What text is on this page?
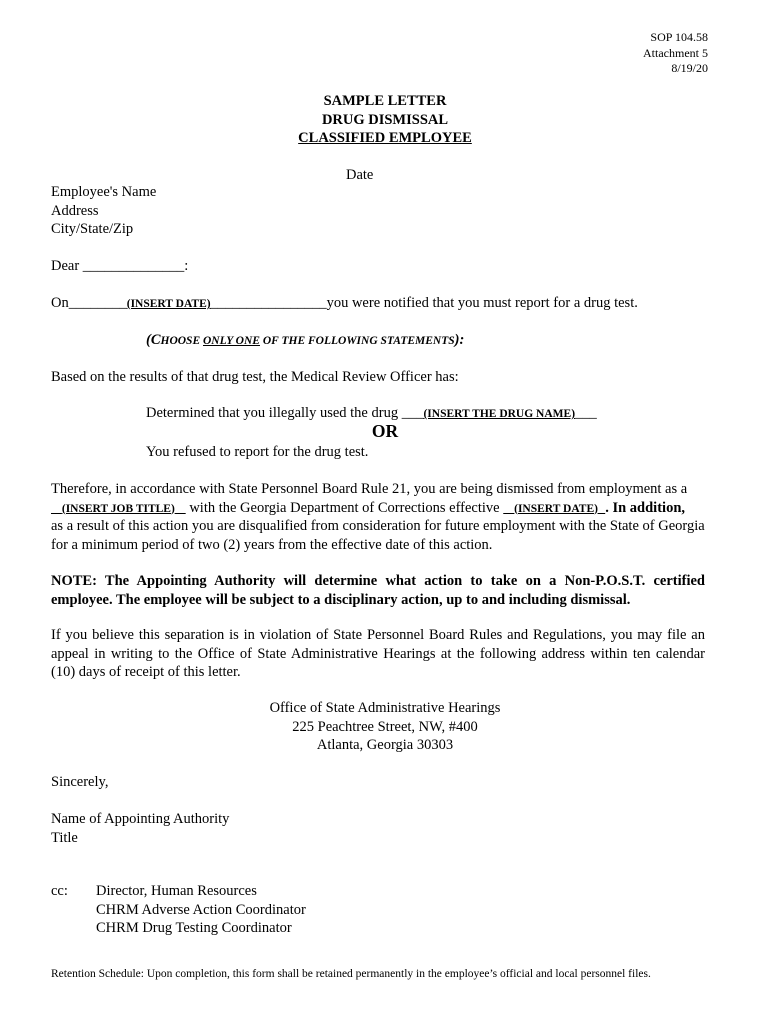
SOP 104.58
Attachment 5
8/19/20
SAMPLE LETTER
DRUG DISMISSAL
CLASSIFIED EMPLOYEE
Date
Employee's Name
Address
City/State/Zip
Dear ______________:
On________(INSERT DATE)________________you were notified that you must report for a drug test.
(CHOOSE ONLY ONE OF THE FOLLOWING STATEMENTS):
Based on the results of that drug test, the Medical Review Officer has:
Determined that you illegally used the drug ___(INSERT THE DRUG NAME)___
OR
You refused to report for the drug test.
Therefore, in accordance with State Personnel Board Rule 21, you are being dismissed from employment as a
(INSERT JOB TITLE) with the Georgia Department of Corrections effective (INSERT DATE) . In addition,
as a result of this action you are disqualified from consideration for future employment with the State of Georgia
for a minimum period of two (2) years from the effective date of this action.
NOTE: The Appointing Authority will determine what action to take on a Non-P.O.S.T. certified employee. The employee will be subject to a disciplinary action, up to and including dismissal.
If you believe this separation is in violation of State Personnel Board Rules and Regulations, you may file an appeal in writing to the Office of State Administrative Hearings at the following address within ten calendar (10) days of receipt of this letter.
Office of State Administrative Hearings
225 Peachtree Street, NW, #400
Atlanta, Georgia 30303
Sincerely,
Name of Appointing Authority
Title
cc: Director, Human Resources
CHRM Adverse Action Coordinator
CHRM Drug Testing Coordinator
Retention Schedule: Upon completion, this form shall be retained permanently in the employee’s official and local personnel files.
